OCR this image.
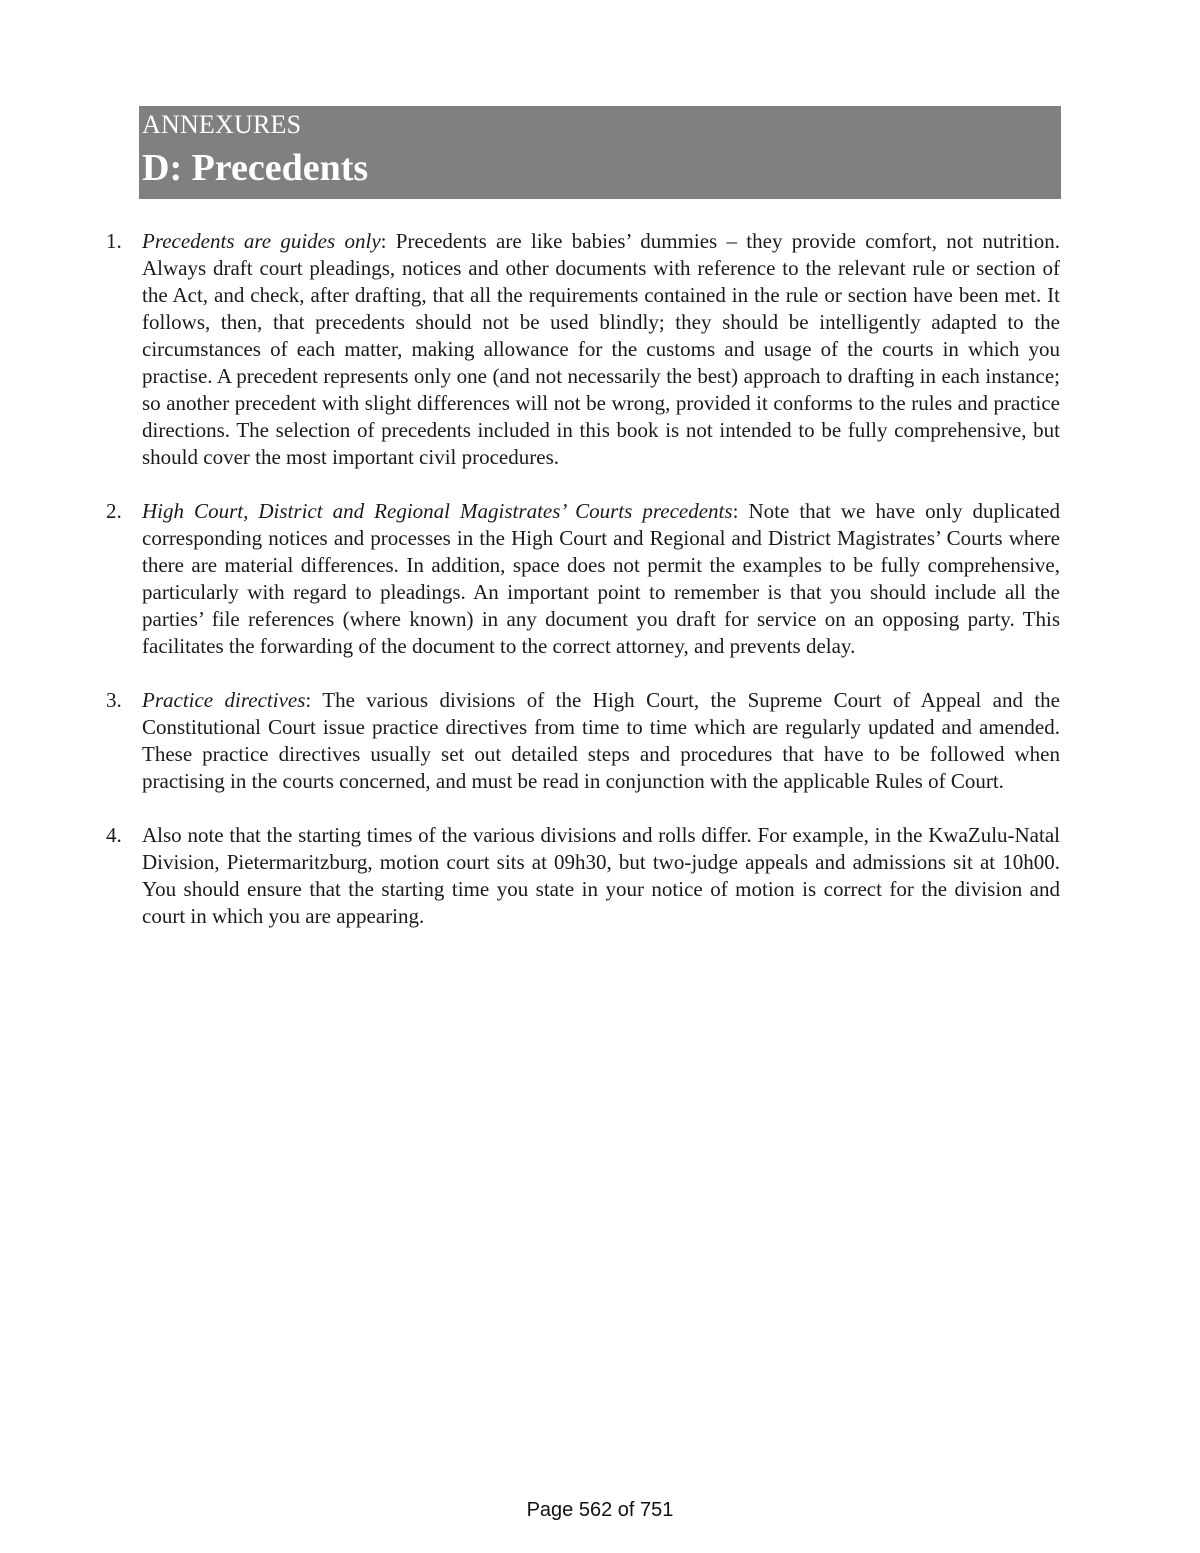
ANNEXURES
D: Precedents
1. Precedents are guides only: Precedents are like babies’ dummies – they provide comfort, not nutrition. Always draft court pleadings, notices and other documents with reference to the relevant rule or section of the Act, and check, after drafting, that all the requirements contained in the rule or section have been met. It follows, then, that precedents should not be used blindly; they should be intelligently adapted to the circumstances of each matter, making allowance for the customs and usage of the courts in which you practise. A precedent represents only one (and not necessarily the best) approach to drafting in each instance; so another precedent with slight differences will not be wrong, provided it conforms to the rules and practice directions. The selection of precedents included in this book is not intended to be fully comprehensive, but should cover the most important civil procedures.
2. High Court, District and Regional Magistrates’ Courts precedents: Note that we have only duplicated corresponding notices and processes in the High Court and Regional and District Magistrates’ Courts where there are material differences. In addition, space does not permit the examples to be fully comprehensive, particularly with regard to pleadings. An important point to remember is that you should include all the parties’ file references (where known) in any document you draft for service on an opposing party. This facilitates the forwarding of the document to the correct attorney, and prevents delay.
3. Practice directives: The various divisions of the High Court, the Supreme Court of Appeal and the Constitutional Court issue practice directives from time to time which are regularly updated and amended. These practice directives usually set out detailed steps and procedures that have to be followed when practising in the courts concerned, and must be read in conjunction with the applicable Rules of Court.
4. Also note that the starting times of the various divisions and rolls differ. For example, in the KwaZulu-Natal Division, Pietermaritzburg, motion court sits at 09h30, but two-judge appeals and admissions sit at 10h00. You should ensure that the starting time you state in your notice of motion is correct for the division and court in which you are appearing.
Page 562 of 751
